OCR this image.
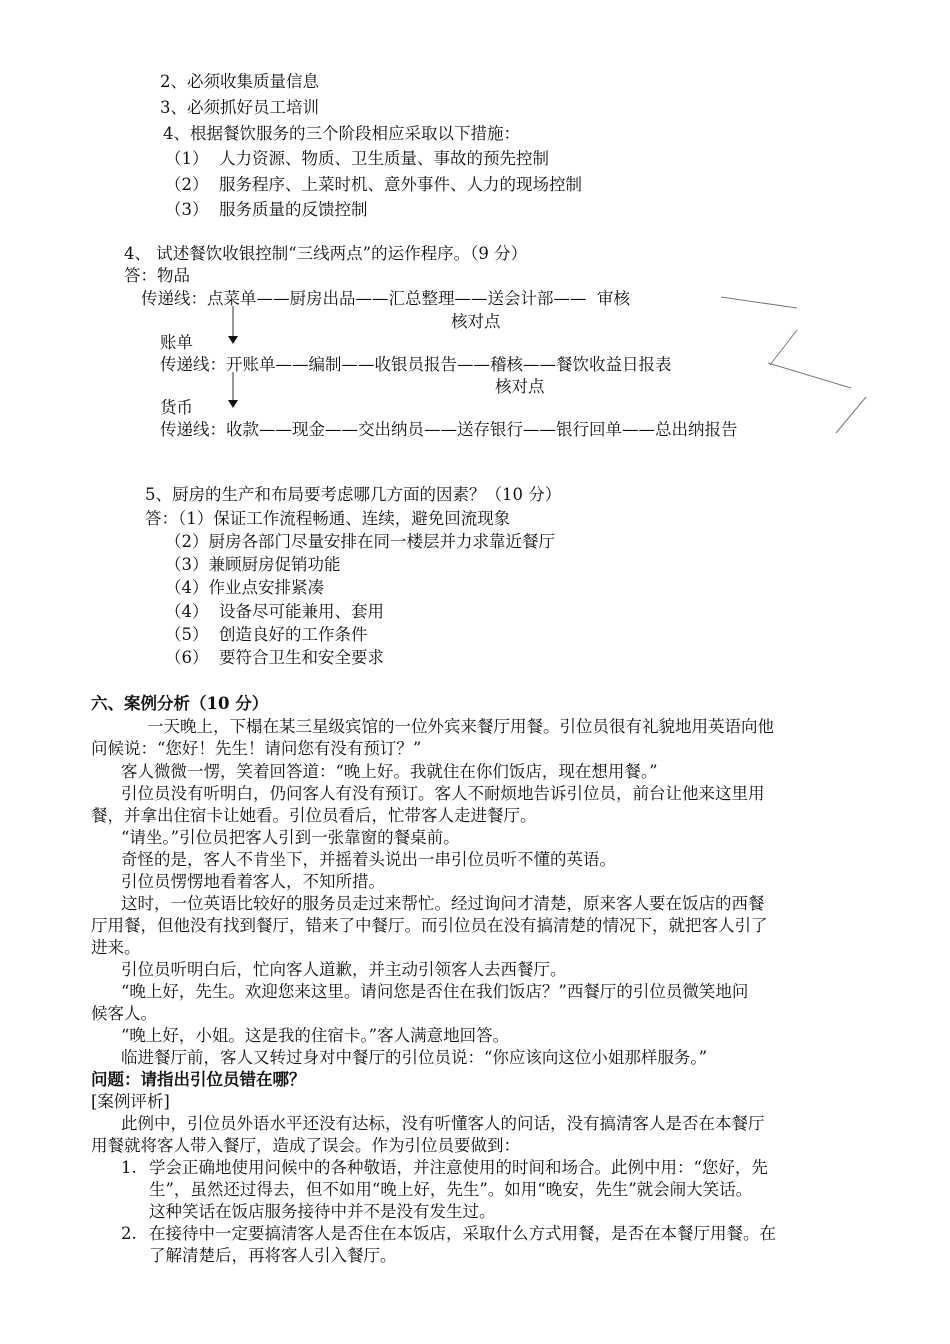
2、必须收集质量信息
3、必须抓好员工培训
4、根据餐饮服务的三个阶段相应采取以下措施：
（1）  人力资源、物质、卫生质量、事故的预先控制
（2）  服务程序、上菜时机、意外事件、人力的现场控制
（3）  服务质量的反馈控制
4、 试述餐饮收银控制“三线两点”的运作程序。（9 分）
答：物品
传递线：点菜单——厨房出品——汇总整理——送会计部——  审核
核对点
账单
传递线：开账单——编制——收银员报告——稽核——餐饮收益日报表
核对点
货币
传递线：收款——现金——交出纳员——送存银行——银行回单——总出纳报告
5、厨房的生产和布局要考虑哪几方面的因素？（10 分）
答：（1）保证工作流程畅通、连续，避免回流现象
（2）厨房各部门尽量安排在同一楼层并力求靠近餐厅
（3）兼顾厨房促销功能
（4）作业点安排紧凑
（4）  设备尽可能兼用、套用
（5）  创造良好的工作条件
（6）  要符合卫生和安全要求
六、案例分析（10 分）
一天晚上，下榻在某三星级宾馆的一位外宾来餐厅用餐。引位员很有礼貌地用英语向他
问候说：“您好！先生！请问您有没有预订？”
客人微微一愣，笑着回答道：“晚上好。我就住在你们饭店，现在想用餐。”
引位员没有听明白，仍问客人有没有预订。客人不耐烦地告诉引位员，前台让他来这里用
餐，并拿出住宿卡让她看。引位员看后，忙带客人走进餐厅。
“请坐。”引位员把客人引到一张靠窗的餐桌前。
奇怪的是，客人不肯坐下，并摇着头说出一串引位员听不懂的英语。
引位员愣愣地看着客人，不知所措。
这时，一位英语比较好的服务员走过来帮忙。经过询问才清楚，原来客人要在饭店的西餐
厅用餐，但他没有找到餐厅，错来了中餐厅。而引位员在没有搞清楚的情况下，就把客人引了
进来。
引位员听明白后，忙向客人道歉，并主动引领客人去西餐厅。
“晚上好，先生。欢迎您来这里。请问您是否住在我们饭店？”西餐厅的引位员微笑地问
候客人。
“晚上好，小姐。这是我的住宿卡。”客人满意地回答。
临进餐厅前，客人又转过身对中餐厅的引位员说：“你应该向这位小姐那样服务。”
问题：请指出引位员错在哪？
[案例评析]
此例中，引位员外语水平还没有达标，没有听懂客人的问话，没有搞清客人是否在本餐厅
用餐就将客人带入餐厅，造成了误会。作为引位员要做到：
1. 学会正确地使用问候中的各种敬语，并注意使用的时间和场合。此例中用：“您好，先
生”，虽然还过得去，但不如用“晚上好，先生”。如用“晚安，先生”就会闹大笑话。
这种笑话在饭店服务接待中并不是没有发生过。
2. 在接待中一定要搞清客人是否住在本饭店，采取什么方式用餐，是否在本餐厅用餐。在
了解清楚后，再将客人引入餐厅。
